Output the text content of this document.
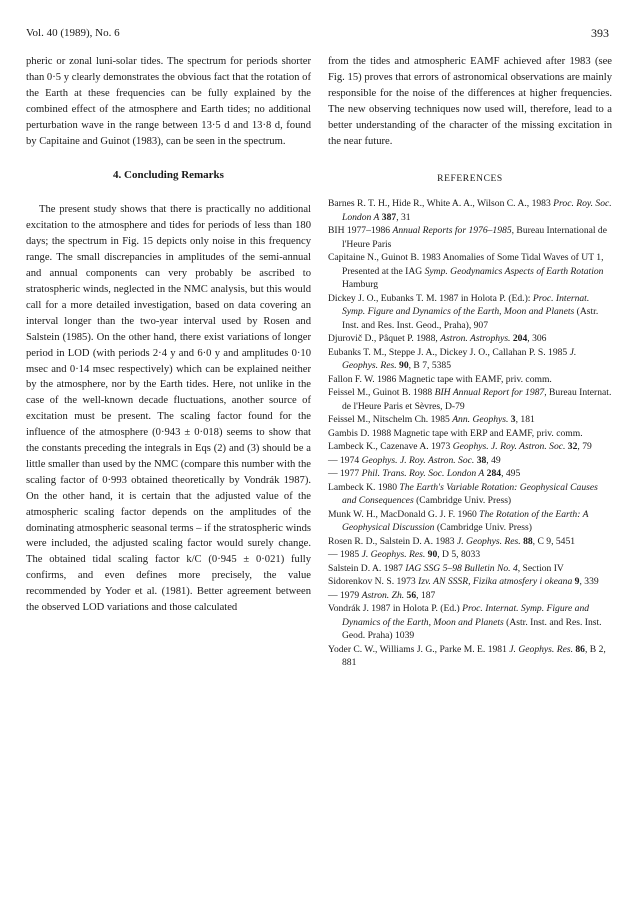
Vol. 40 (1989), No. 6	393

pheric or zonal luni-solar tides. The spectrum for periods shorter than 0·5 y clearly demonstrates the obvious fact that the rotation of the Earth at these frequencies can be fully explained by the combined effect of the atmosphere and Earth tides; no additional perturbation wave in the range between 13·5 d and 13·8 d, found by Capitaine and Guinot (1983), can be seen in the spectrum.

4. Concluding Remarks

The present study shows that there is practically no additional excitation to the atmosphere and tides for periods of less than 180 days; the spectrum in Fig. 15 depicts only noise in this frequency range. The small discrepancies in amplitudes of the semi-annual and annual components can very probably be ascribed to stratospheric winds, neglected in the NMC analysis, but this would call for a more detailed investigation, based on data covering an interval longer than the two-year interval used by Rosen and Salstein (1985). On the other hand, there exist variations of longer period in LOD (with periods 2·4 y and 6·0 y and amplitudes 0·10 msec and 0·14 msec respectively) which can be explained neither by the atmosphere, nor by the Earth tides. Here, not unlike in the case of the well-known decade fluctuations, another source of excitation must be present. The scaling factor found for the influence of the atmosphere (0·943 ± 0·018) seems to show that the constants preceding the integrals in Eqs (2) and (3) should be a little smaller than used by the NMC (compare this number with the scaling factor of 0·993 obtained theoretically by Vondrák 1987). On the other hand, it is certain that the adjusted value of the atmospheric scaling factor depends on the amplitudes of the dominating atmospheric seasonal terms – if the stratospheric winds were included, the adjusted scaling factor would surely change. The obtained tidal scaling factor k/C (0·945 ± 0·021) fully confirms, and even defines more precisely, the value recommended by Yoder et al. (1981). Better agreement between the observed LOD variations and those calculated

from the tides and atmospheric EAMF achieved after 1983 (see Fig. 15) proves that errors of astronomical observations are mainly responsible for the noise of the differences at higher frequencies. The new observing techniques now used will, therefore, lead to a better understanding of the character of the missing excitation in the near future.

REFERENCES

Barnes R. T. H., Hide R., White A. A., Wilson C. A., 1983 Proc. Roy. Soc. London A 387, 31

BIH 1977–1986 Annual Reports for 1976–1985, Bureau International de l'Heure Paris

Capitaine N., Guinot B. 1983 Anomalies of Some Tidal Waves of UT 1, Presented at the IAG Symp. Geodynamics Aspects of Earth Rotation Hamburg

Dickey J. O., Eubanks T. M. 1987 in Holota P. (Ed.): Proc. Internat. Symp. Figure and Dynamics of the Earth, Moon and Planets (Astr. Inst. and Res. Inst. Geod., Praha), 907

Djurovič D., Pâquet P. 1988, Astron. Astrophys. 204, 306

Eubanks T. M., Steppe J. A., Dickey J. O., Callahan P. S. 1985 J. Geophys. Res. 90, B 7, 5385

Fallon F. W. 1986 Magnetic tape with EAMF, priv. comm.

Feissel M., Guinot B. 1988 BIH Annual Report for 1987, Bureau Internat. de l'Heure Paris et Sèvres, D-79

Feissel M., Nitschelm Ch. 1985 Ann. Geophys. 3, 181

Gambis D. 1988 Magnetic tape with ERP and EAMF, priv. comm.

Lambeck K., Cazenave A. 1973 Geophys. J. Roy. Astron. Soc. 32, 79

— 1974 Geophys. J. Roy. Astron. Soc. 38, 49

— 1977 Phil. Trans. Roy. Soc. London A 284, 495

Lambeck K. 1980 The Earth's Variable Rotation: Geophysical Causes and Consequences (Cambridge Univ. Press)

Munk W. H., MacDonald G. J. F. 1960 The Rotation of the Earth: A Geophysical Discussion (Cambridge Univ. Press)

Rosen R. D., Salstein D. A. 1983 J. Geophys. Res. 88, C 9, 5451

— 1985 J. Geophys. Res. 90, D 5, 8033

Salstein D. A. 1987 IAG SSG 5–98 Bulletin No. 4, Section IV

Sidorenkov N. S. 1973 Izv. AN SSSR, Fizika atmosfery i okeana 9, 339

— 1979 Astron. Zh. 56, 187

Vondrák J. 1987 in Holota P. (Ed.) Proc. Internat. Symp. Figure and Dynamics of the Earth, Moon and Planets (Astr. Inst. and Res. Inst. Geod. Praha) 1039

Yoder C. W., Williams J. G., Parke M. E. 1981 J. Geophys. Res. 86, B 2, 881
